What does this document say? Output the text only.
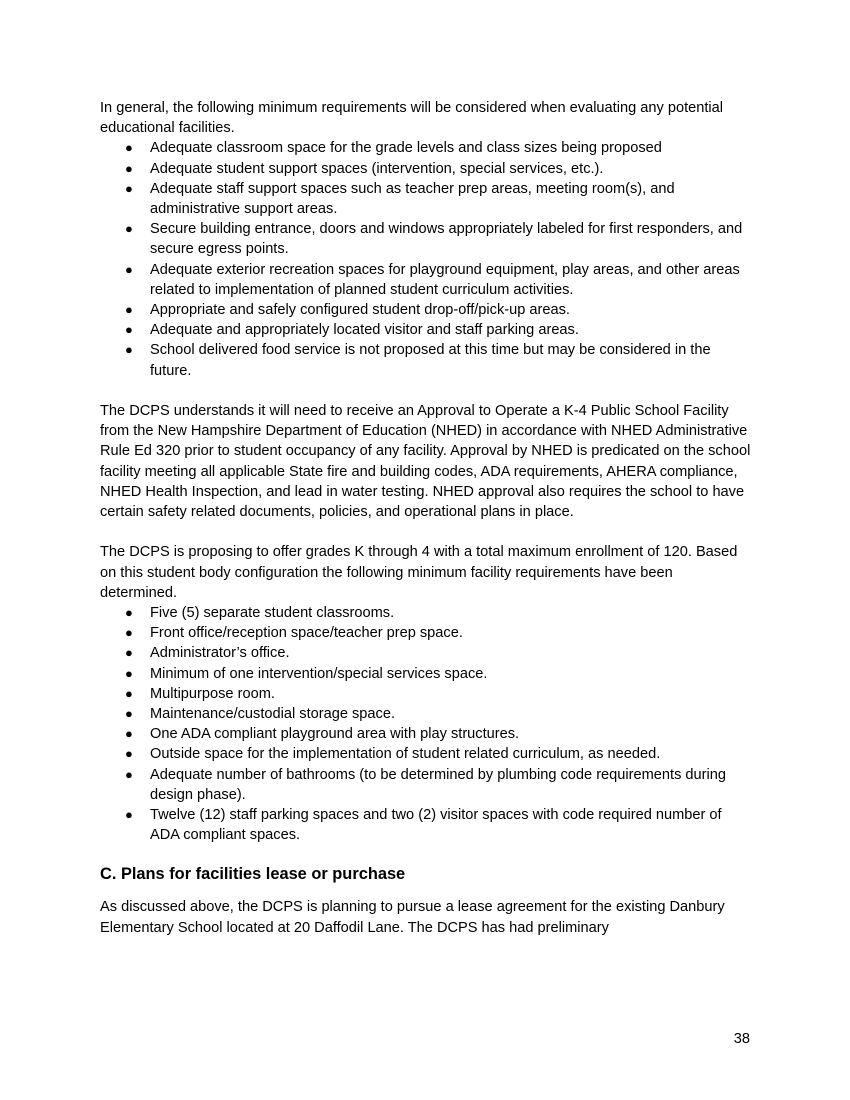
In general, the following minimum requirements will be considered when evaluating any potential educational facilities.

● Adequate classroom space for the grade levels and class sizes being proposed
● Adequate student support spaces (intervention, special services, etc.).
● Adequate staff support spaces such as teacher prep areas, meeting room(s), and administrative support areas.
● Secure building entrance, doors and windows appropriately labeled for first responders, and secure egress points.
● Adequate exterior recreation spaces for playground equipment, play areas, and other areas related to implementation of planned student curriculum activities.
● Appropriate and safely configured student drop-off/pick-up areas.
● Adequate and appropriately located visitor and staff parking areas.
● School delivered food service is not proposed at this time but may be considered in the future.

The DCPS understands it will need to receive an Approval to Operate a K-4 Public School Facility from the New Hampshire Department of Education (NHED) in accordance with NHED Administrative Rule Ed 320 prior to student occupancy of any facility. Approval by NHED is predicated on the school facility meeting all applicable State fire and building codes, ADA requirements, AHERA compliance, NHED Health Inspection, and lead in water testing. NHED approval also requires the school to have certain safety related documents, policies, and operational plans in place.

The DCPS is proposing to offer grades K through 4 with a total maximum enrollment of 120. Based on this student body configuration the following minimum facility requirements have been determined.

● Five (5) separate student classrooms.
● Front office/reception space/teacher prep space.
● Administrator’s office.
● Minimum of one intervention/special services space.
● Multipurpose room.
● Maintenance/custodial storage space.
● One ADA compliant playground area with play structures.
● Outside space for the implementation of student related curriculum, as needed.
● Adequate number of bathrooms (to be determined by plumbing code requirements during design phase).
● Twelve (12) staff parking spaces and two (2) visitor spaces with code required number of ADA compliant spaces.
C. Plans for facilities lease or purchase

As discussed above, the DCPS is planning to pursue a lease agreement for the existing Danbury Elementary School located at 20 Daffodil Lane. The DCPS has had preliminary

38
